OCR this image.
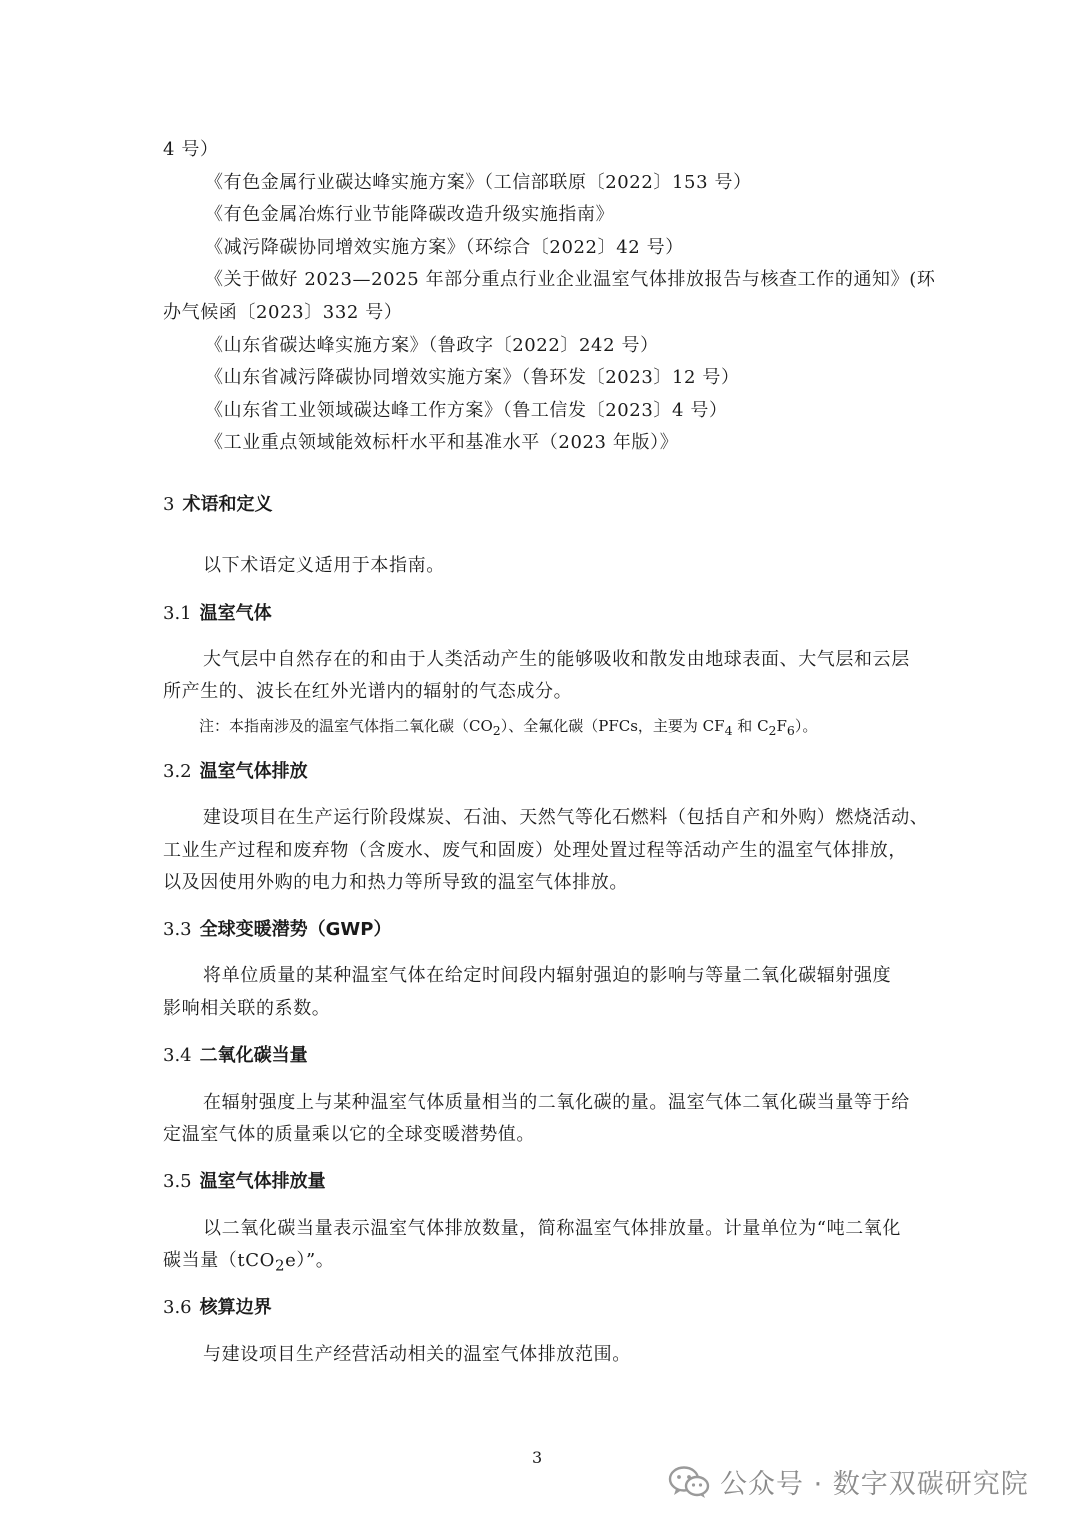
4 号）
《有色金属行业碳达峰实施方案》（工信部联原〔2022〕153 号）
《有色金属冶炼行业节能降碳改造升级实施指南》
《减污降碳协同增效实施方案》（环综合〔2022〕42 号）
《关于做好 2023—2025 年部分重点行业企业温室气体排放报告与核查工作的通知》(环
办气候函〔2023〕332 号）
《山东省碳达峰实施方案》（鲁政字〔2022〕242 号）
《山东省减污降碳协同增效实施方案》（鲁环发〔2023〕12 号）
《山东省工业领域碳达峰工作方案》（鲁工信发〔2023〕4 号）
《工业重点领域能效标杆水平和基准水平（2023 年版）》
3 术语和定义
以下术语定义适用于本指南。
3.1 温室气体
大气层中自然存在的和由于人类活动产生的能够吸收和散发由地球表面、大气层和云层
所产生的、波长在红外光谱内的辐射的气态成分。
注：本指南涉及的温室气体指二氧化碳$(CO_2)$、全氟化碳（PFCs，主要为 $CF_4$ 和 $C_2F_6$）。
3.2 温室气体排放
建设项目在生产运行阶段煤炭、石油、天然气等化石燃料（包括自产和外购）燃烧活动、
工业生产过程和废弃物（含废水、废气和固废）处理处置过程等活动产生的温室气体排放，
以及因使用外购的电力和热力等所导致的温室气体排放。
3.3 全球变暖潜势（GWP）
将单位质量的某种温室气体在给定时间段内辐射强迫的影响与等量二氧化碳辐射强度
影响相关联的系数。
3.4 二氧化碳当量
在辐射强度上与某种温室气体质量相当的二氧化碳的量。温室气体二氧化碳当量等于给
定温室气体的质量乘以它的全球变暖潜势值。
3.5 温室气体排放量
以二氧化碳当量表示温室气体排放数量，简称温室气体排放量。计量单位为“吨二氧化
碳当量（tCO$_2$e）”。
3.6 核算边界
与建设项目生产经营活动相关的温室气体排放范围。
3
公众号 · 数字双碳研究院
